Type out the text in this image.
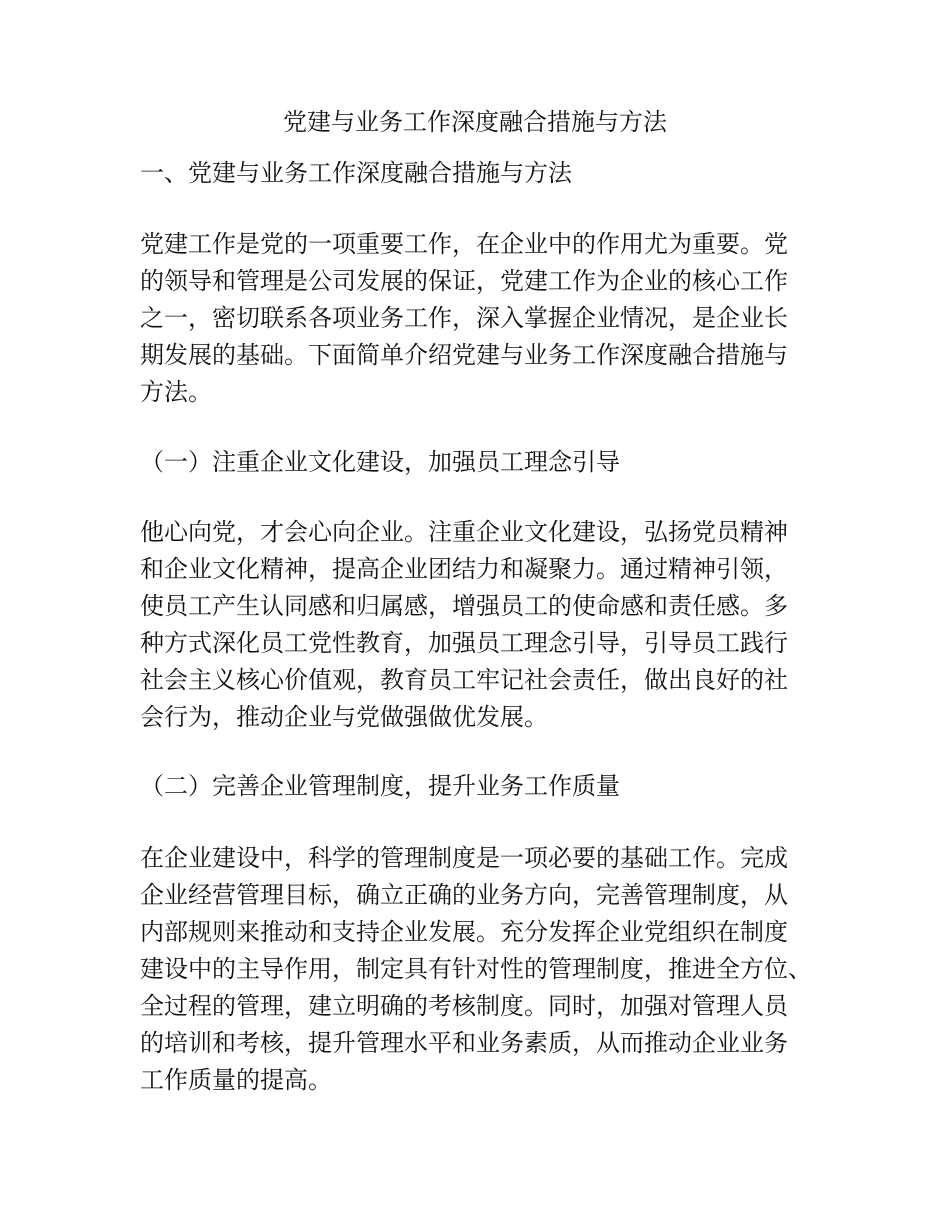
党建与业务工作深度融合措施与方法
一、党建与业务工作深度融合措施与方法
党建工作是党的一项重要工作，在企业中的作用尤为重要。党
的领导和管理是公司发展的保证，党建工作为企业的核心工作
之一，密切联系各项业务工作，深入掌握企业情况，是企业长
期发展的基础。下面简单介绍党建与业务工作深度融合措施与
方法。
（一）注重企业文化建设，加强员工理念引导
他心向党，才会心向企业。注重企业文化建设，弘扬党员精神
和企业文化精神，提高企业团结力和凝聚力。通过精神引领，
使员工产生认同感和归属感，增强员工的使命感和责任感。多
种方式深化员工党性教育，加强员工理念引导，引导员工践行
社会主义核心价值观，教育员工牢记社会责任，做出良好的社
会行为，推动企业与党做强做优发展。
（二）完善企业管理制度，提升业务工作质量
在企业建设中，科学的管理制度是一项必要的基础工作。完成
企业经营管理目标，确立正确的业务方向，完善管理制度，从
内部规则来推动和支持企业发展。充分发挥企业党组织在制度
建设中的主导作用，制定具有针对性的管理制度，推进全方位、
全过程的管理，建立明确的考核制度。同时，加强对管理人员
的培训和考核，提升管理水平和业务素质，从而推动企业业务
工作质量的提高。
